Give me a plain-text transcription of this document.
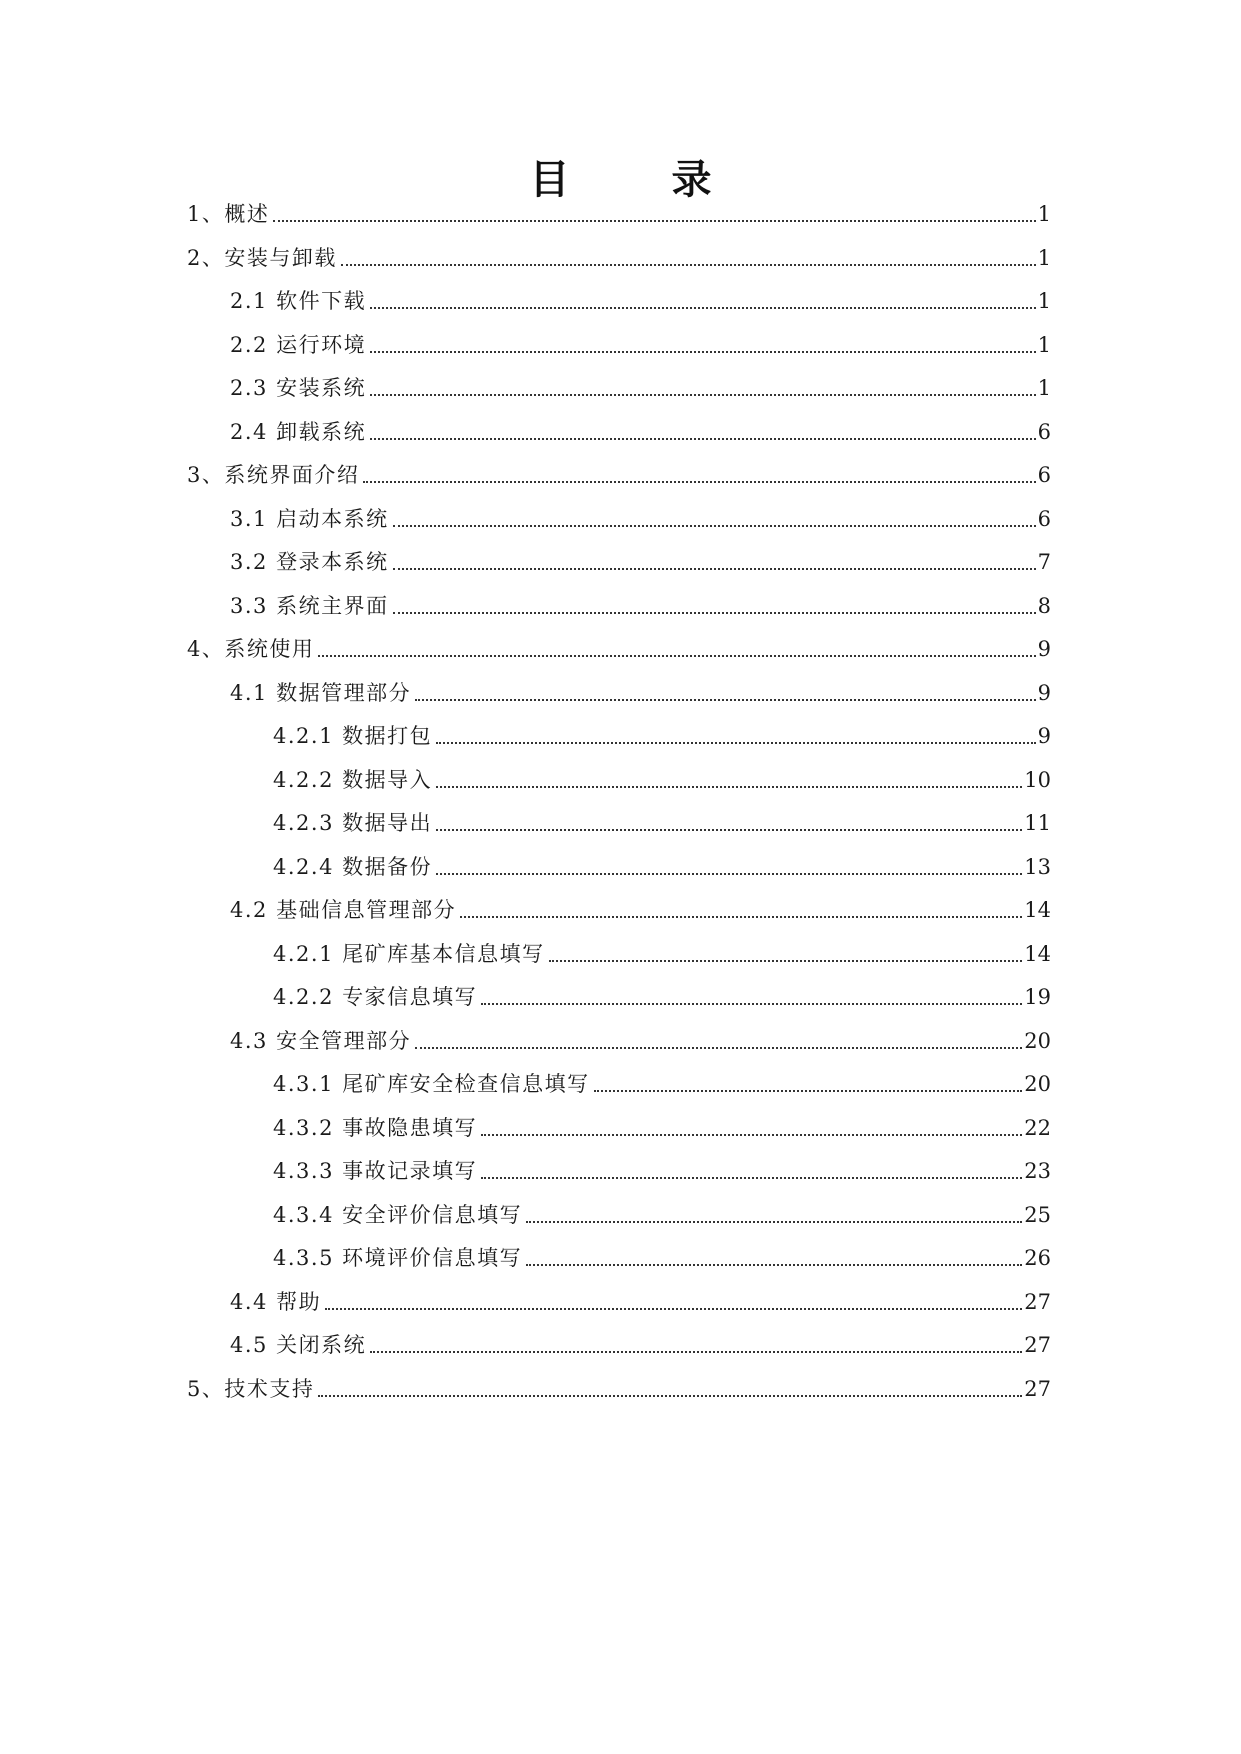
目 录
1、概述	1
2、安装与卸载	1
2.1 软件下载	1
2.2 运行环境	1
2.3 安装系统	1
2.4 卸载系统	6
3、系统界面介绍	6
3.1 启动本系统	6
3.2 登录本系统	7
3.3 系统主界面	8
4、系统使用	9
4.1 数据管理部分	9
4.2.1 数据打包	9
4.2.2 数据导入	10
4.2.3 数据导出	11
4.2.4 数据备份	13
4.2 基础信息管理部分	14
4.2.1 尾矿库基本信息填写	14
4.2.2 专家信息填写	19
4.3 安全管理部分	20
4.3.1 尾矿库安全检查信息填写	20
4.3.2 事故隐患填写	22
4.3.3 事故记录填写	23
4.3.4 安全评价信息填写	25
4.3.5 环境评价信息填写	26
4.4 帮助	27
4.5 关闭系统	27
5、技术支持	27
